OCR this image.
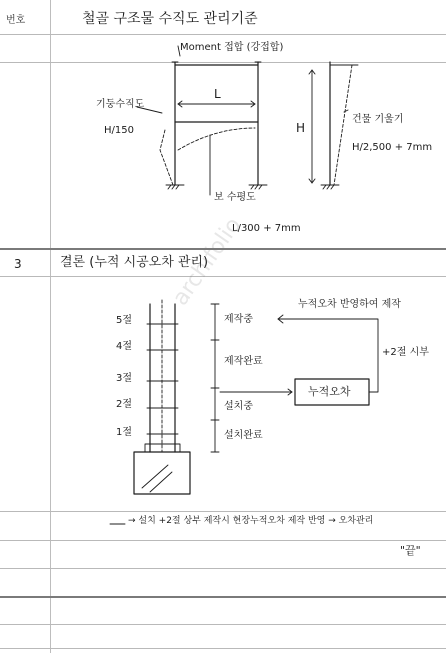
번호	철골 구조물 수직도 관리기준
Moment 접합 (강접합)
L
기둥수직도
H/150	H
건물 기울기
H/2,500 + 7mm
보 수평도
L/300 + 7mm
3	결론 (누적 시공오차 관리)
5절
4절
3절
2절
1절
제작중
제작완료
설치중
설치완료
누적오차
누적오차 반영하여 제작
+2절 시부
→ 설치 +2절 상부 제작시 현장누적오차 제작 반영 → 오차관리
"끝"
archifolio
